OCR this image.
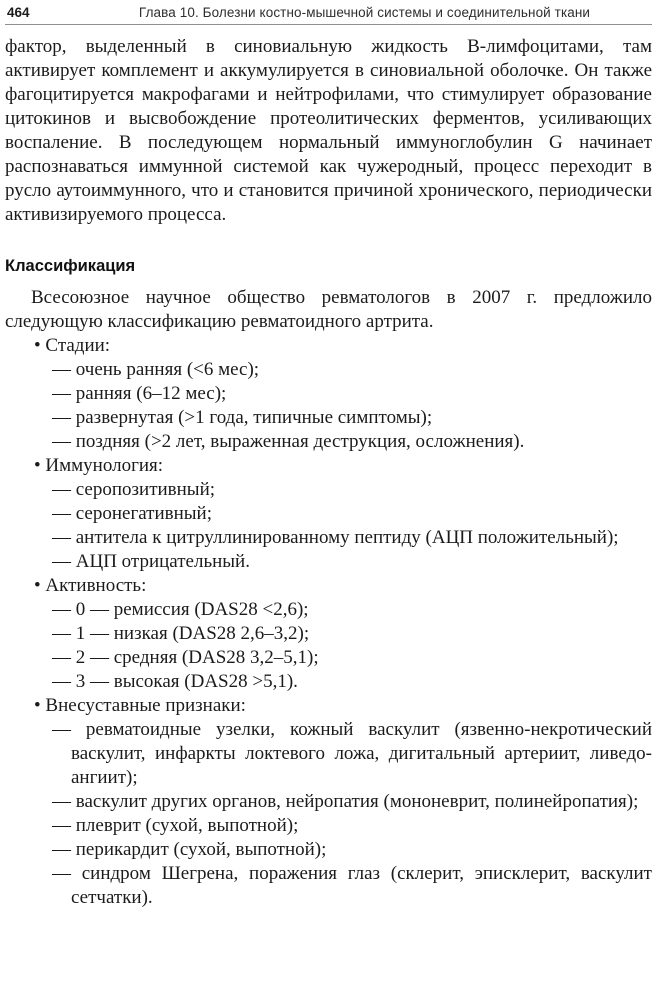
464	Глава 10. Болезни костно-мышечной системы и соединительной ткани

фактор, выделенный в синовиальную жидкость В-лимфоцитами, там активирует комплемент и аккумулируется в синовиальной оболочке. Он также фагоцитируется макрофагами и нейтрофилами, что стимулирует образование цитокинов и высвобождение протеолитических ферментов, усиливающих воспаление. В последующем нормальный иммуноглобулин G начинает распознаваться иммунной системой как чужеродный, процесс переходит в русло аутоиммунного, что и становится причиной хронического, периодически активизируемого процесса.

Классификация

Всесоюзное научное общество ревматологов в 2007 г. предложило следующую классификацию ревматоидного артрита.

• Стадии:
— очень ранняя (<6 мес);
— ранняя (6–12 мес);
— развернутая (>1 года, типичные симптомы);
— поздняя (>2 лет, выраженная деструкция, осложнения).
• Иммунология:
— серопозитивный;
— серонегативный;
— антитела к цитруллинированному пептиду (АЦП положительный);
— АЦП отрицательный.
• Активность:
— 0 — ремиссия (DAS28 <2,6);
— 1 — низкая (DAS28 2,6–3,2);
— 2 — средняя (DAS28 3,2–5,1);
— 3 — высокая (DAS28 >5,1).
• Внесуставные признаки:
— ревматоидные узелки, кожный васкулит (язвенно-некротический васкулит, инфаркты локтевого ложа, дигитальный артериит, ливедо-ангиит);
— васкулит других органов, нейропатия (мононеврит, полинейропатия);
— плеврит (сухой, выпотной);
— перикардит (сухой, выпотной);
— синдром Шегрена, поражения глаз (склерит, эписклерит, васкулит сетчатки).
